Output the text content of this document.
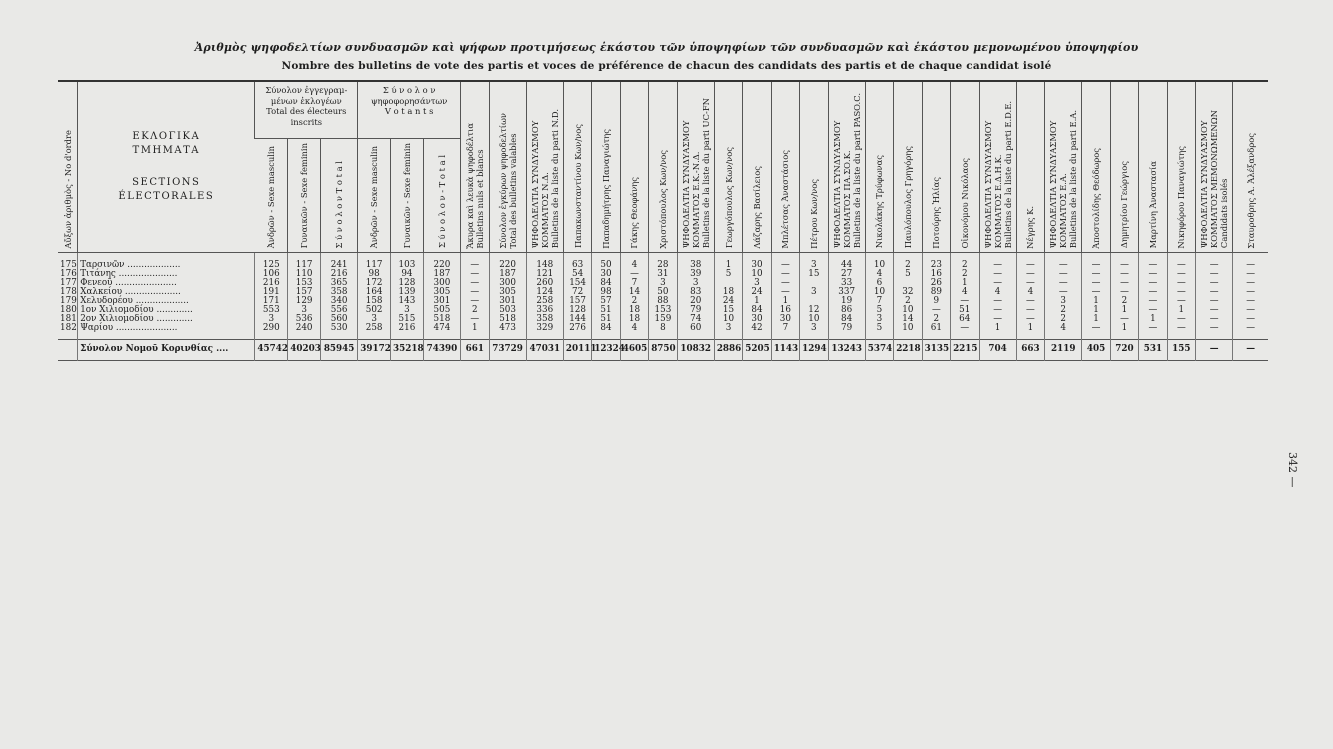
Ἀριθμὸς ψηφοδελτίων συνδυασμῶν καὶ ψήφων προτιμήσεως ἑκάστου τῶν ὑποψηφίων τῶν συνδυασμῶν καὶ ἑκάστου μεμονωμένου ὑποψηφίου
Nombre des bulletins de vote des partis et voces de préférence de chacun des candidats des partis et de chaque candidat isolé
Αὔξων ἀριθμὸς - No d'ordre	ΕΚΛΟΓΙΚΑ
ΤΜΗΜΑΤΑ
SECTIONS
ÉLECTORALES	Σύνολον ἐγγεγραμ-
μένων ἐκλογέων
Total des électeurs
inscrits			Σ ύ ν ο λ ο ν
ψηφοφορησάντων
V o t a n t s			Ἄκυρα καὶ λευκὰ ψηφοδέλτια
Bulletins nuls et blancs	Σύνολον ἐγκύρων ψηφοδελτίων
Total des bulletins valables	ΨΗΦΟΔΕΛΤΙΑ ΣΥΝΔΥΑΣΜΟΥ
ΚΟΜΜΑΤΟΣ Ν.Δ.
Bulletins de la liste du parti N.D.	Παπακωνσταντίνου Κων/νος	Παπαδημήτρης Παναγιώτης	Γάκης Θεοφάνης	Χριστόπουλος Κων/νος	ΨΗΦΟΔΕΛΤΙΑ ΣΥΝΔΥΑΣΜΟΥ
ΚΟΜΜΑΤΟΣ Ε.Κ.-Ν.Δ.
Bulletins de la liste du parti UC-FN	Γεωργόπουλος Κων/νος	Λάζαρης Βασίλειος	Μπλέτσας Ἀναστάσιος	Πέτρου Κων/νος	ΨΗΦΟΔΕΛΤΙΑ ΣΥΝΔΥΑΣΜΟΥ
ΚΟΜΜΑΤΟΣ ΠΑ.ΣΟ.Κ.
Bulletins de la liste du parti PASO.C.	Νικολάκης Τρύφωνας	Παυλόπουλος Γρηγόρης	Ποτούρης Ἠλίας	Οἰκονόμου Νικόλαος	ΨΗΦΟΔΕΛΤΙΑ ΣΥΝΔΥΑΣΜΟΥ
ΚΟΜΜΑΤΟΣ Ε.Δ.Η.Κ.
Bulletins de la liste du parti E.D.E.	Νέγρης Κ.	ΨΗΦΟΔΕΛΤΙΑ ΣΥΝΔΥΑΣΜΟΥ
ΚΟΜΜΑΤΟΣ Ε.Α.
Bulletins de la liste du parti E.A.	Ἀποστολίδης Θεόδωρος	Δημητρίου Γεώργιος	Μαρτίνη Ἀναστασία	Νικηφόρου Παναγιώτης	ΨΗΦΟΔΕΛΤΙΑ ΣΥΝΔΥΑΣΜΟΥ
ΚΟΜΜΑΤΟΣ ΜΕΜΟΝΩΜΕΝΩΝ
Candidats isolés	Σταυροθρης Α. Ἀλέξανδρος

		Ἀνδρῶν - Sexe masculin	Γυναικῶν - Sexe feminin	Σ ύ ν ο λ ο ν T o t a l	Ἀνδρῶν - Sexe masculin	Γυναικῶν - Sexe feminin	Σ ύ ν ο λ ο ν - T o t a l																										

175	Ταρσινῶν ...................	125	117	241	117	103	220	—	220	148	63	50	4	28	38	1	30	—	3	44	10	2	23	2	—	—	—	—	—	—	—	—	—
176	Τιτάνης .....................	106	110	216	98	94	187	—	187	121	54	30	—	31	39	5	10	—	15	27	4	5	16	2	—	—	—	—	—	—	—	—	—
177	Φενεοῦ ......................	216	153	365	172	128	300	—	300	260	154	84	7	3	3		3	—		33	6		26	1	—	—	—	—	—	—	—	—	—
178	Χαλκείου ....................	191	157	358	164	139	305	—	305	124	72	98	14	50	83	18	24	—	3	337	10	32	89	4	4	4	—	—	—	—	—	—	—
179	Χελυδορέου ...................	171	129	340	158	143	301	—	301	258	157	57	2	88	20	24	1	1		19	7	2	9	—	—	—	3	1	2	—	—	—	—
180	1ον Χιλιομοδίου .............	553	3	556	502	3	505	2	503	336	128	51	18	153	79	15	84	16	12	86	5	10	—	51	—	—	2	1	1	—	1	—	—
181	2ον Χιλιομοδίου .............	3	536	560	3	515	518	—	518	358	144	51	18	159	74	10	30	30	10	84	3	14	2	64	—	—	2	1	—	1	—	—	—
182	Ψαρίου ......................	290	240	530	258	216	474	1	473	329	276	84	4	8	60	3	42	7	3	79	5	10	61	—	1	1	4	—	1	—	—	—	—
	Σύνολον Νομοῦ Κορινθίας ....	45742	40203	85945	39172	35218	74390	661	73729	47031	20111	12324	4605	8750	10832	2886	5205	1143	1294	13243	5374	2218	3135	2215	704	663	2119	405	720	531	155	—	—

342 —
